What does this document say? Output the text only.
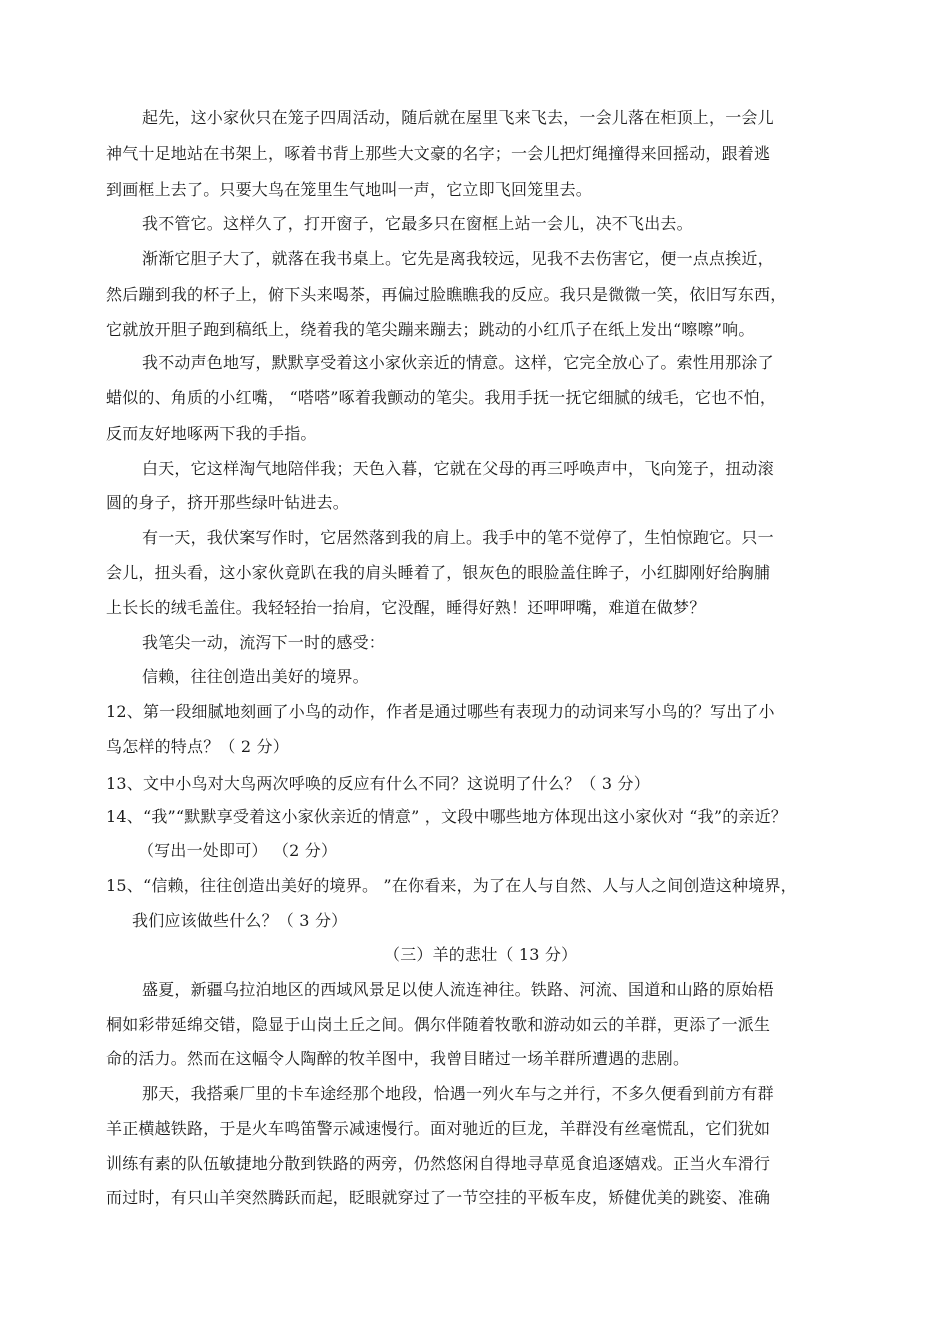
起先，这小家伙只在笼子四周活动，随后就在屋里飞来飞去，一会儿落在柜顶上，一会儿

神气十足地站在书架上，啄着书背上那些大文豪的名字；一会儿把灯绳撞得来回摇动，跟着逃

到画框上去了。只要大鸟在笼里生气地叫一声，它立即飞回笼里去。

我不管它。这样久了，打开窗子，它最多只在窗框上站一会儿，决不飞出去。

渐渐它胆子大了，就落在我书桌上。它先是离我较远，见我不去伤害它，便一点点挨近，

然后蹦到我的杯子上，俯下头来喝茶，再偏过脸瞧瞧我的反应。我只是微微一笑，依旧写东西，

它就放开胆子跑到稿纸上，绕着我的笔尖蹦来蹦去；跳动的小红爪子在纸上发出“嚓嚓”响。

我不动声色地写，默默享受着这小家伙亲近的情意。这样，它完全放心了。索性用那涂了

蜡似的、角质的小红嘴， “嗒嗒”啄着我颤动的笔尖。我用手抚一抚它细腻的绒毛，它也不怕，

反而友好地啄两下我的手指。

白天，它这样淘气地陪伴我；天色入暮，它就在父母的再三呼唤声中，飞向笼子，扭动滚

圆的身子，挤开那些绿叶钻进去。

有一天，我伏案写作时，它居然落到我的肩上。我手中的笔不觉停了，生怕惊跑它。只一

会儿，扭头看，这小家伙竟趴在我的肩头睡着了，银灰色的眼脸盖住眸子，小红脚刚好给胸脯

上长长的绒毛盖住。我轻轻抬一抬肩，它没醒，睡得好熟！还呷呷嘴，难道在做梦？

我笔尖一动，流泻下一时的感受：

信赖，往往创造出美好的境界。

12、第一段细腻地刻画了小鸟的动作，作者是通过哪些有表现力的动词来写小鸟的？写出了小

鸟怎样的特点？（ 2 分）

13、文中小鸟对大鸟两次呼唤的反应有什么不同？这说明了什么？（ 3 分）

14、“我”“默默享受着这小家伙亲近的情意” ，文段中哪些地方体现出这小家伙对 “我”的亲近？

（写出一处即可） （2 分）

15、“信赖，往往创造出美好的境界。 ”在你看来，为了在人与自然、人与人之间创造这种境界，

我们应该做些什么？（ 3 分）

（三）羊的悲壮（ 13 分）

盛夏，新疆乌拉泊地区的西域风景足以使人流连神往。铁路、河流、国道和山路的原始梧

桐如彩带延绵交错，隐显于山岗土丘之间。偶尔伴随着牧歌和游动如云的羊群，更添了一派生

命的活力。然而在这幅令人陶醉的牧羊图中，我曾目睹过一场羊群所遭遇的悲剧。

那天，我搭乘厂里的卡车途经那个地段，恰遇一列火车与之并行，不多久便看到前方有群

羊正横越铁路，于是火车鸣笛警示减速慢行。面对驰近的巨龙，羊群没有丝毫慌乱，它们犹如

训练有素的队伍敏捷地分散到铁路的两旁，仍然悠闲自得地寻草觅食追逐嬉戏。正当火车滑行

而过时，有只山羊突然腾跃而起，眨眼就穿过了一节空挂的平板车皮，矫健优美的跳姿、准确
